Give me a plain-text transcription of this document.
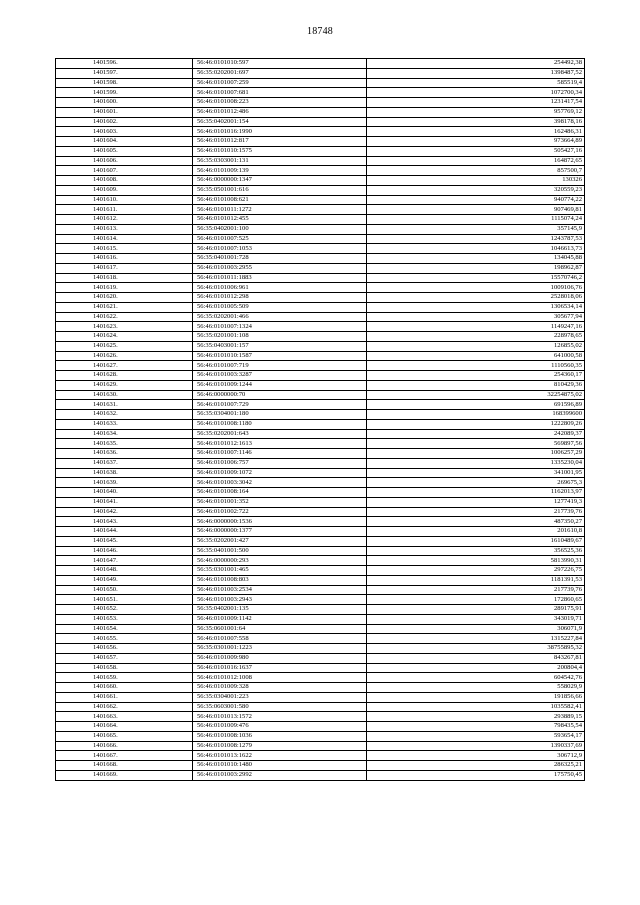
18748
1401596.	56:46:0101010:597	254492,38
1401597.	56:35:0202001:697	1398487,52
1401598.	56:46:0101007:259	585519,4
1401599.	56:46:0101007:681	1072700,34
1401600.	56:46:0101008:223	1231417,54
1401601.	56:46:0101012:486	957769,12
1401602.	56:35:0402001:154	398178,16
1401603.	56:46:0101016:1990	162486,31
1401604.	56:46:0101012:817	973664,89
1401605.	56:46:0101010:1575	505427,16
1401606.	56:35:0303001:131	164872,65
1401607.	56:46:0101009:139	857500,7
1401608.	56:46:0000000:1347	130326
1401609.	56:35:0501001:616	320559,23
1401610.	56:46:0101008:621	940774,22
1401611.	56:46:0101011:1272	907469,81
1401612.	56:46:0101012:455	1115074,24
1401613.	56:35:0402001:100	357145,9
1401614.	56:46:0101007:525	1243787,53
1401615.	56:46:0101007:1053	1046613,73
1401616.	56:35:0401001:728	134045,88
1401617.	56:46:0101003:2955	198962,87
1401618.	56:46:0101011:1883	15570746,2
1401619.	56:46:0101006:961	1009106,76
1401620.	56:46:0101012:298	2528018,06
1401621.	56:46:0101005:509	1306534,14
1401622.	56:35:0202001:466	305677,94
1401623.	56:46:0101007:1324	1149247,16
1401624.	56:35:0201001:108	228978,65
1401625.	56:35:0403001:157	126855,02
1401626.	56:46:0101010:1587	641000,58
1401627.	56:46:0101007:719	1110560,35
1401628.	56:46:0101003:3287	254360,17
1401629.	56:46:0101009:1244	810429,36
1401630.	56:46:0000000:70	32254875,02
1401631.	56:46:0101007:729	691596,89
1401632.	56:35:0304001:180	168399600
1401633.	56:46:0101008:1180	1222809,26
1401634.	56:35:0202001:643	242089,37
1401635.	56:46:0101012:1613	569897,56
1401636.	56:46:0101007:1146	1006257,29
1401637.	56:46:0101006:757	1335230,04
1401638.	56:46:0101009:1072	341001,95
1401639.	56:46:0101003:3042	269675,3
1401640.	56:46:0101008:164	1162013,97
1401641.	56:46:0101001:352	1277419,3
1401642.	56:46:0101002:722	217739,76
1401643.	56:46:0000000:1536	487350,27
1401644.	56:46:0000000:1377	201610,8
1401645.	56:35:0202001:427	1610489,67
1401646.	56:35:0401001:500	356525,36
1401647.	56:46:0000000:293	5813990,31
1401648.	56:35:0301001:465	297226,75
1401649.	56:46:0101008:803	1181391,53
1401650.	56:46:0101003:2534	217739,76
1401651.	56:46:0101003:2943	172860,65
1401652.	56:35:0402001:135	289175,91
1401653.	56:46:0101009:1142	343019,71
1401654.	56:35:0601001:64	306071,9
1401655.	56:46:0101007:558	1315227,84
1401656.	56:35:0301001:1223	38755895,32
1401657.	56:46:0101009:980	843267,81
1401658.	56:46:0101016:1637	200804,4
1401659.	56:46:0101012:1008	604542,76
1401660.	56:46:0101009:328	558029,9
1401661.	56:35:0304001:223	191856,66
1401662.	56:35:0603001:580	1035582,41
1401663.	56:46:0101013:1572	293889,15
1401664.	56:46:0101009:476	798435,54
1401665.	56:46:0101008:1036	593654,17
1401666.	56:46:0101008:1279	1390337,69
1401667.	56:46:0101013:1622	306712,9
1401668.	56:46:0101010:1480	286325,21
1401669.	56:46:0101003:2992	175750,45
